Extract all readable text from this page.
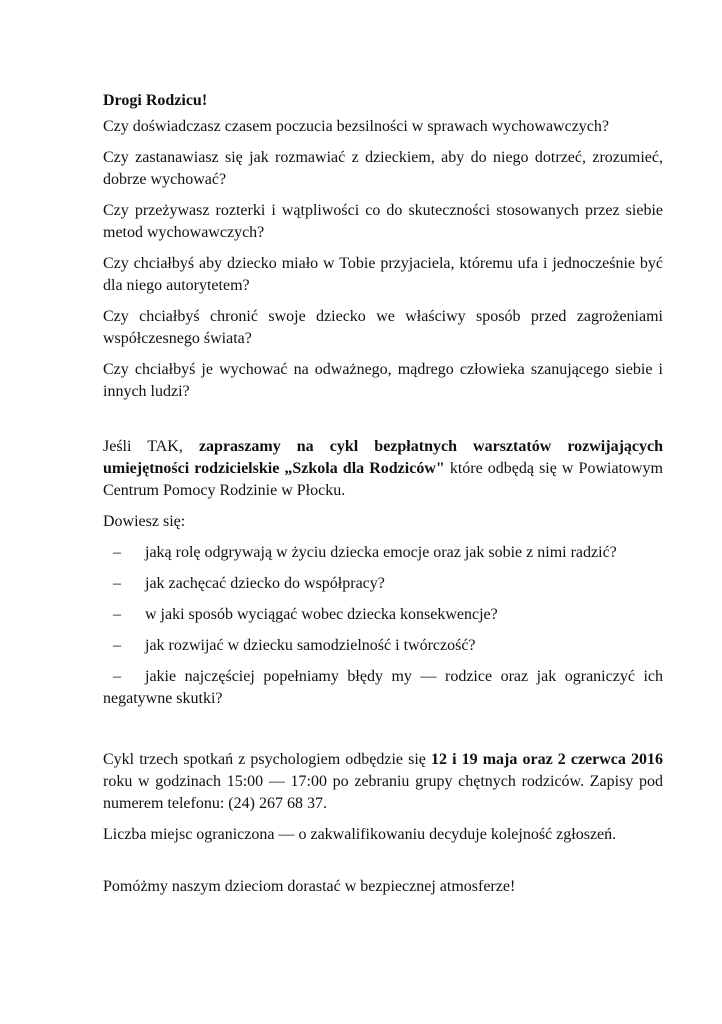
Drogi Rodzicu!

Czy doświadczasz czasem poczucia bezsilności w sprawach wychowawczych?

Czy zastanawiasz się jak rozmawiać z dzieckiem, aby do niego dotrzeć, zrozumieć, dobrze wychować?

Czy przeżywasz rozterki i wątpliwości co do skuteczności stosowanych przez siebie metod wychowawczych?

Czy chciałbyś aby dziecko miało w Tobie przyjaciela, któremu ufa i jednocześnie być dla niego autorytetem?

Czy chciałbyś chronić swoje dziecko we właściwy sposób przed zagrożeniami współczesnego świata?

Czy chciałbyś je wychować na odważnego, mądrego człowieka szanującego siebie i innych ludzi?

Jeśli TAK, zapraszamy na cykl bezpłatnych warsztatów rozwijających umiejętności rodzicielskie „Szkola dla Rodziców" które odbędą się w Powiatowym Centrum Pomocy Rodzinie w Płocku.

Dowiesz się:

– jaką rolę odgrywają w życiu dziecka emocje oraz jak sobie z nimi radzić?
– jak zachęcać dziecko do współpracy?
– w jaki sposób wyciągać wobec dziecka konsekwencje?
– jak rozwijać w dziecku samodzielność i twórczość?
– jakie najczęściej popełniamy błędy my — rodzice oraz jak ograniczyć ich negatywne skutki?

Cykl trzech spotkań z psychologiem odbędzie się 12 i 19 maja oraz 2 czerwca 2016 roku w godzinach 15:00 — 17:00 po zebraniu grupy chętnych rodziców. Zapisy pod numerem telefonu: (24) 267 68 37.

Liczba miejsc ograniczona — o zakwalifikowaniu decyduje kolejność zgłoszeń.

Pomóżmy naszym dzieciom dorastać w bezpiecznej atmosferze!
